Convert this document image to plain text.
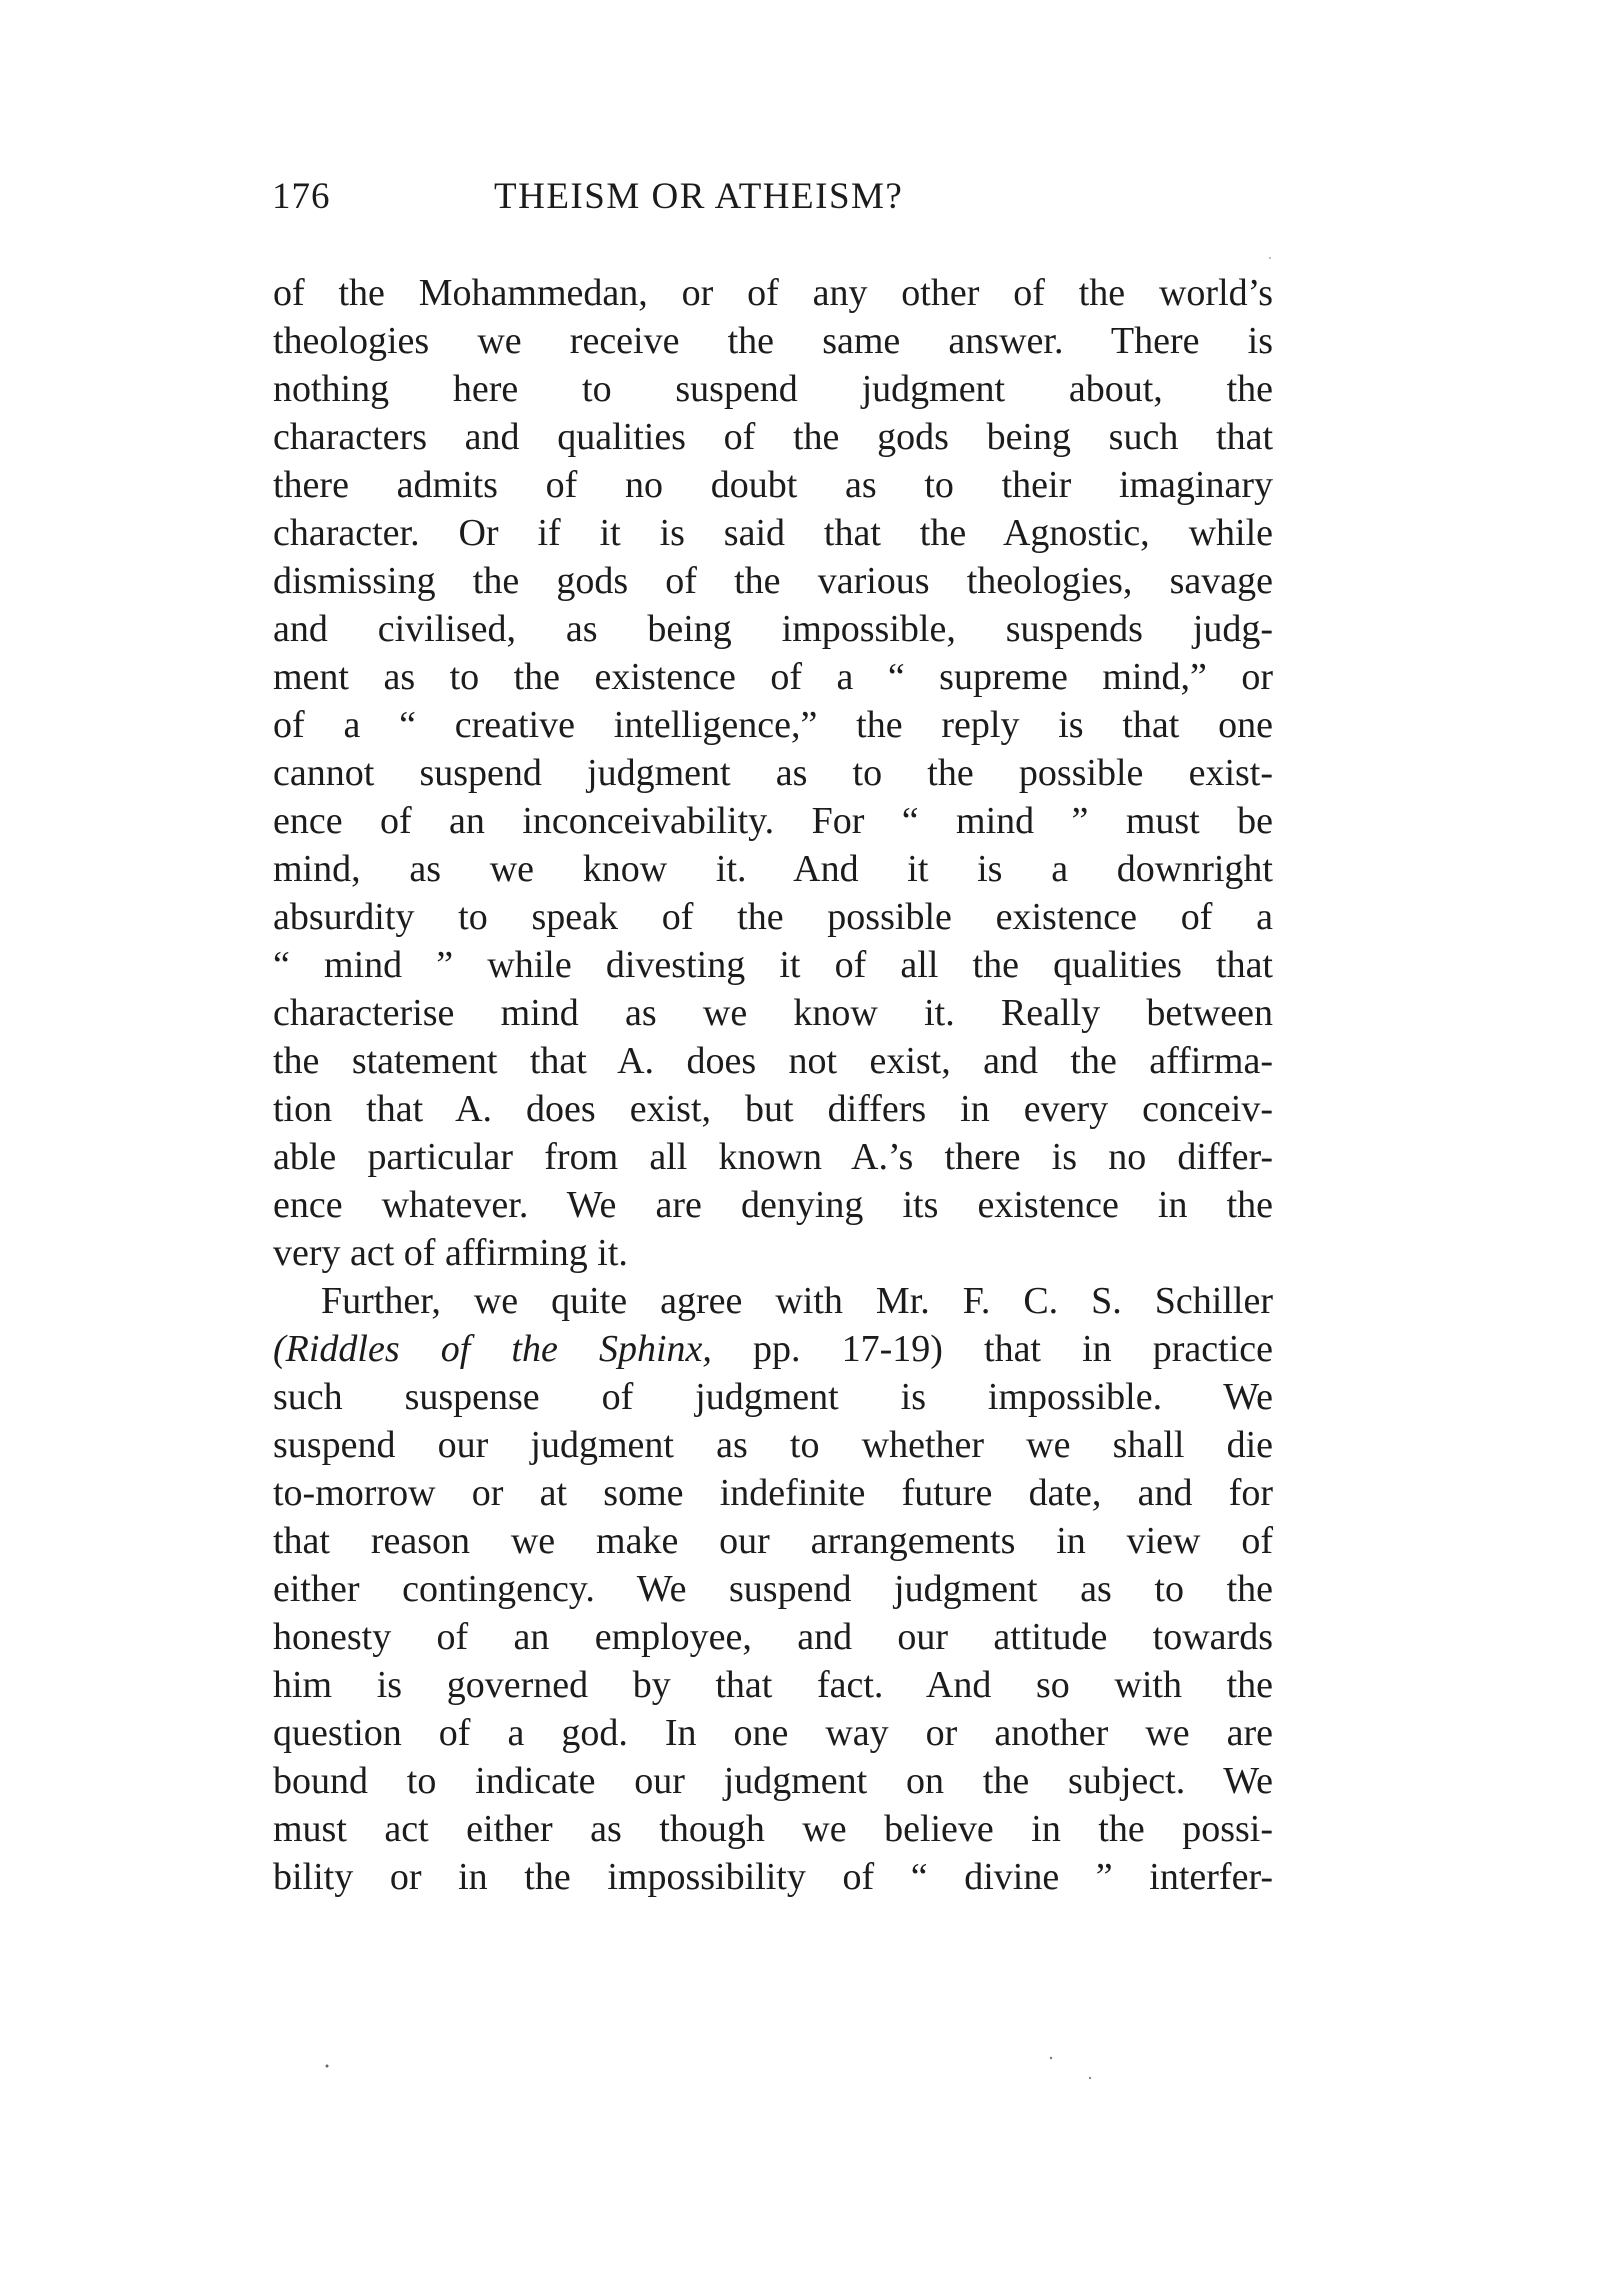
176	THEISM OR ATHEISM?
of the Mohammedan, or of any other of the world’s
theologies we receive the same answer. There is
nothing here to suspend judgment about, the
characters and qualities of the gods being such that
there admits of no doubt as to their imaginary
character. Or if it is said that the Agnostic, while
dismissing the gods of the various theologies, savage
and civilised, as being impossible, suspends judg-
ment as to the existence of a “ supreme mind,” or
of a “ creative intelligence,” the reply is that one
cannot suspend judgment as to the possible exist-
ence of an inconceivability. For “ mind ” must be
mind, as we know it. And it is a downright
absurdity to speak of the possible existence of a
“ mind ” while divesting it of all the qualities that
characterise mind as we know it. Really between
the statement that A. does not exist, and the affirma-
tion that A. does exist, but differs in every conceiv-
able particular from all known A.’s there is no differ-
ence whatever. We are denying its existence in the
very act of affirming it.
Further, we quite agree with Mr. F. C. S. Schiller
(Riddles of the Sphinx, pp. 17-19) that in practice
such suspense of judgment is impossible. We
suspend our judgment as to whether we shall die
to-morrow or at some indefinite future date, and for
that reason we make our arrangements in view of
either contingency. We suspend judgment as to the
honesty of an employee, and our attitude towards
him is governed by that fact. And so with the
question of a god. In one way or another we are
bound to indicate our judgment on the subject. We
must act either as though we believe in the possi-
bility or in the impossibility of “ divine ” interfer-
